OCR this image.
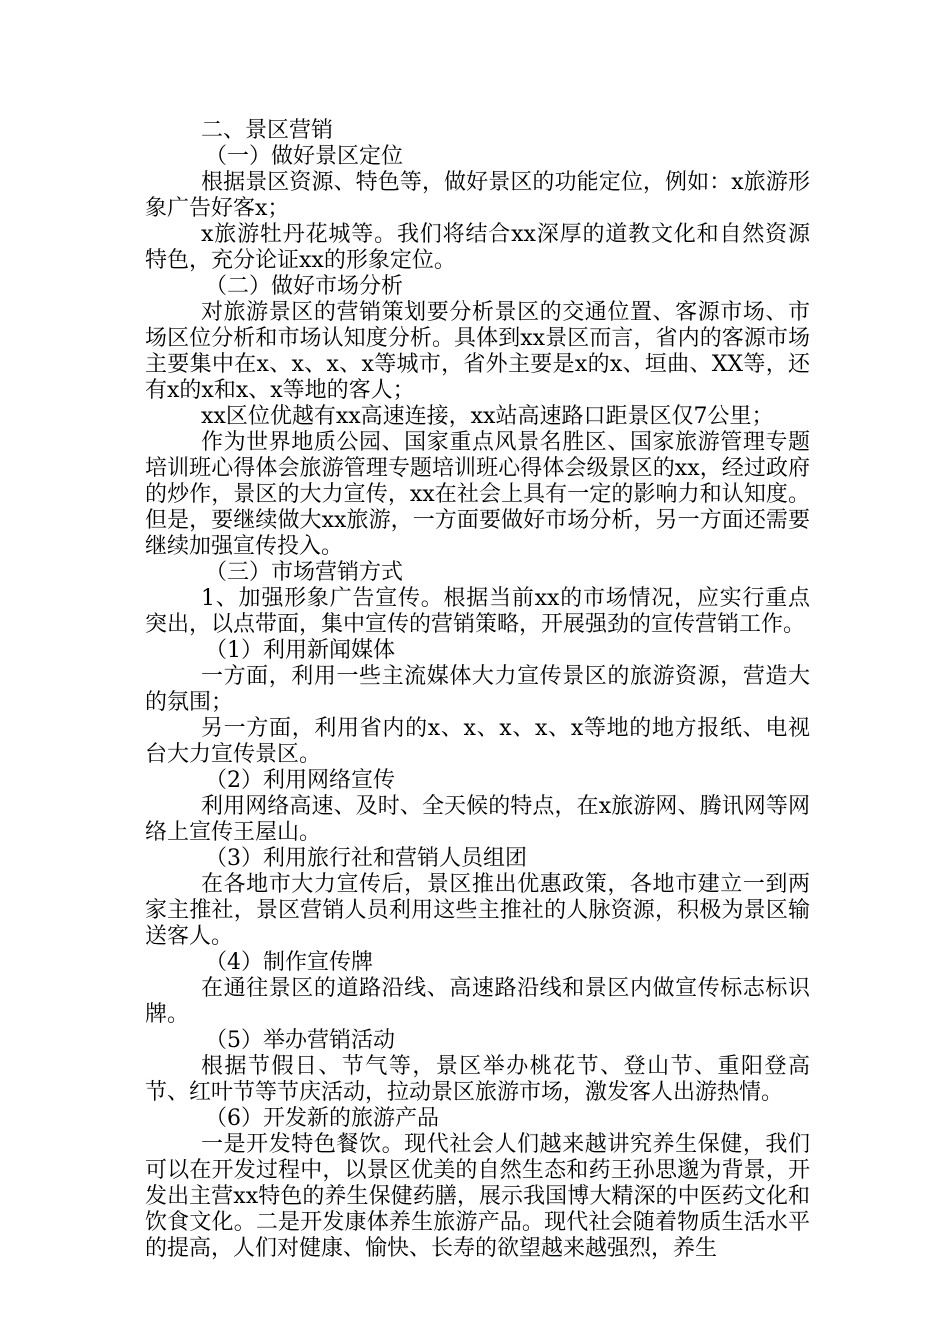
二、景区营销

（一）做好景区定位

根据景区资源、特色等，做好景区的功能定位，例如：x旅游形象广告好客x；

x旅游牡丹花城等。我们将结合xx深厚的道教文化和自然资源特色，充分论证xx的形象定位。

（二）做好市场分析

对旅游景区的营销策划要分析景区的交通位置、客源市场、市场区位分析和市场认知度分析。具体到xx景区而言，省内的客源市场主要集中在x、x、x、x等城市，省外主要是x的x、垣曲、XX等，还有x的x和x、x等地的客人；

xx区位优越有xx高速连接，xx站高速路口距景区仅7公里；

作为世界地质公园、国家重点风景名胜区、国家旅游管理专题培训班心得体会旅游管理专题培训班心得体会级景区的xx，经过政府的炒作，景区的大力宣传，xx在社会上具有一定的影响力和认知度。但是，要继续做大xx旅游，一方面要做好市场分析，另一方面还需要继续加强宣传投入。

（三）市场营销方式

1、加强形象广告宣传。根据当前xx的市场情况，应实行重点突出，以点带面，集中宣传的营销策略，开展强劲的宣传营销工作。

（1）利用新闻媒体

一方面，利用一些主流媒体大力宣传景区的旅游资源，营造大的氛围；

另一方面，利用省内的x、x、x、x、x等地的地方报纸、电视台大力宣传景区。

（2）利用网络宣传

利用网络高速、及时、全天候的特点，在x旅游网、腾讯网等网络上宣传王屋山。

（3）利用旅行社和营销人员组团

在各地市大力宣传后，景区推出优惠政策，各地市建立一到两家主推社，景区营销人员利用这些主推社的人脉资源，积极为景区输送客人。

（4）制作宣传牌

在通往景区的道路沿线、高速路沿线和景区内做宣传标志标识牌。

（5）举办营销活动

根据节假日、节气等，景区举办桃花节、登山节、重阳登高节、红叶节等节庆活动，拉动景区旅游市场，激发客人出游热情。

（6）开发新的旅游产品

一是开发特色餐饮。现代社会人们越来越讲究养生保健，我们可以在开发过程中，以景区优美的自然生态和药王孙思邈为背景，开发出主营xx特色的养生保健药膳，展示我国博大精深的中医药文化和饮食文化。二是开发康体养生旅游产品。现代社会随着物质生活水平的提高，人们对健康、愉快、长寿的欲望越来越强烈，养生
